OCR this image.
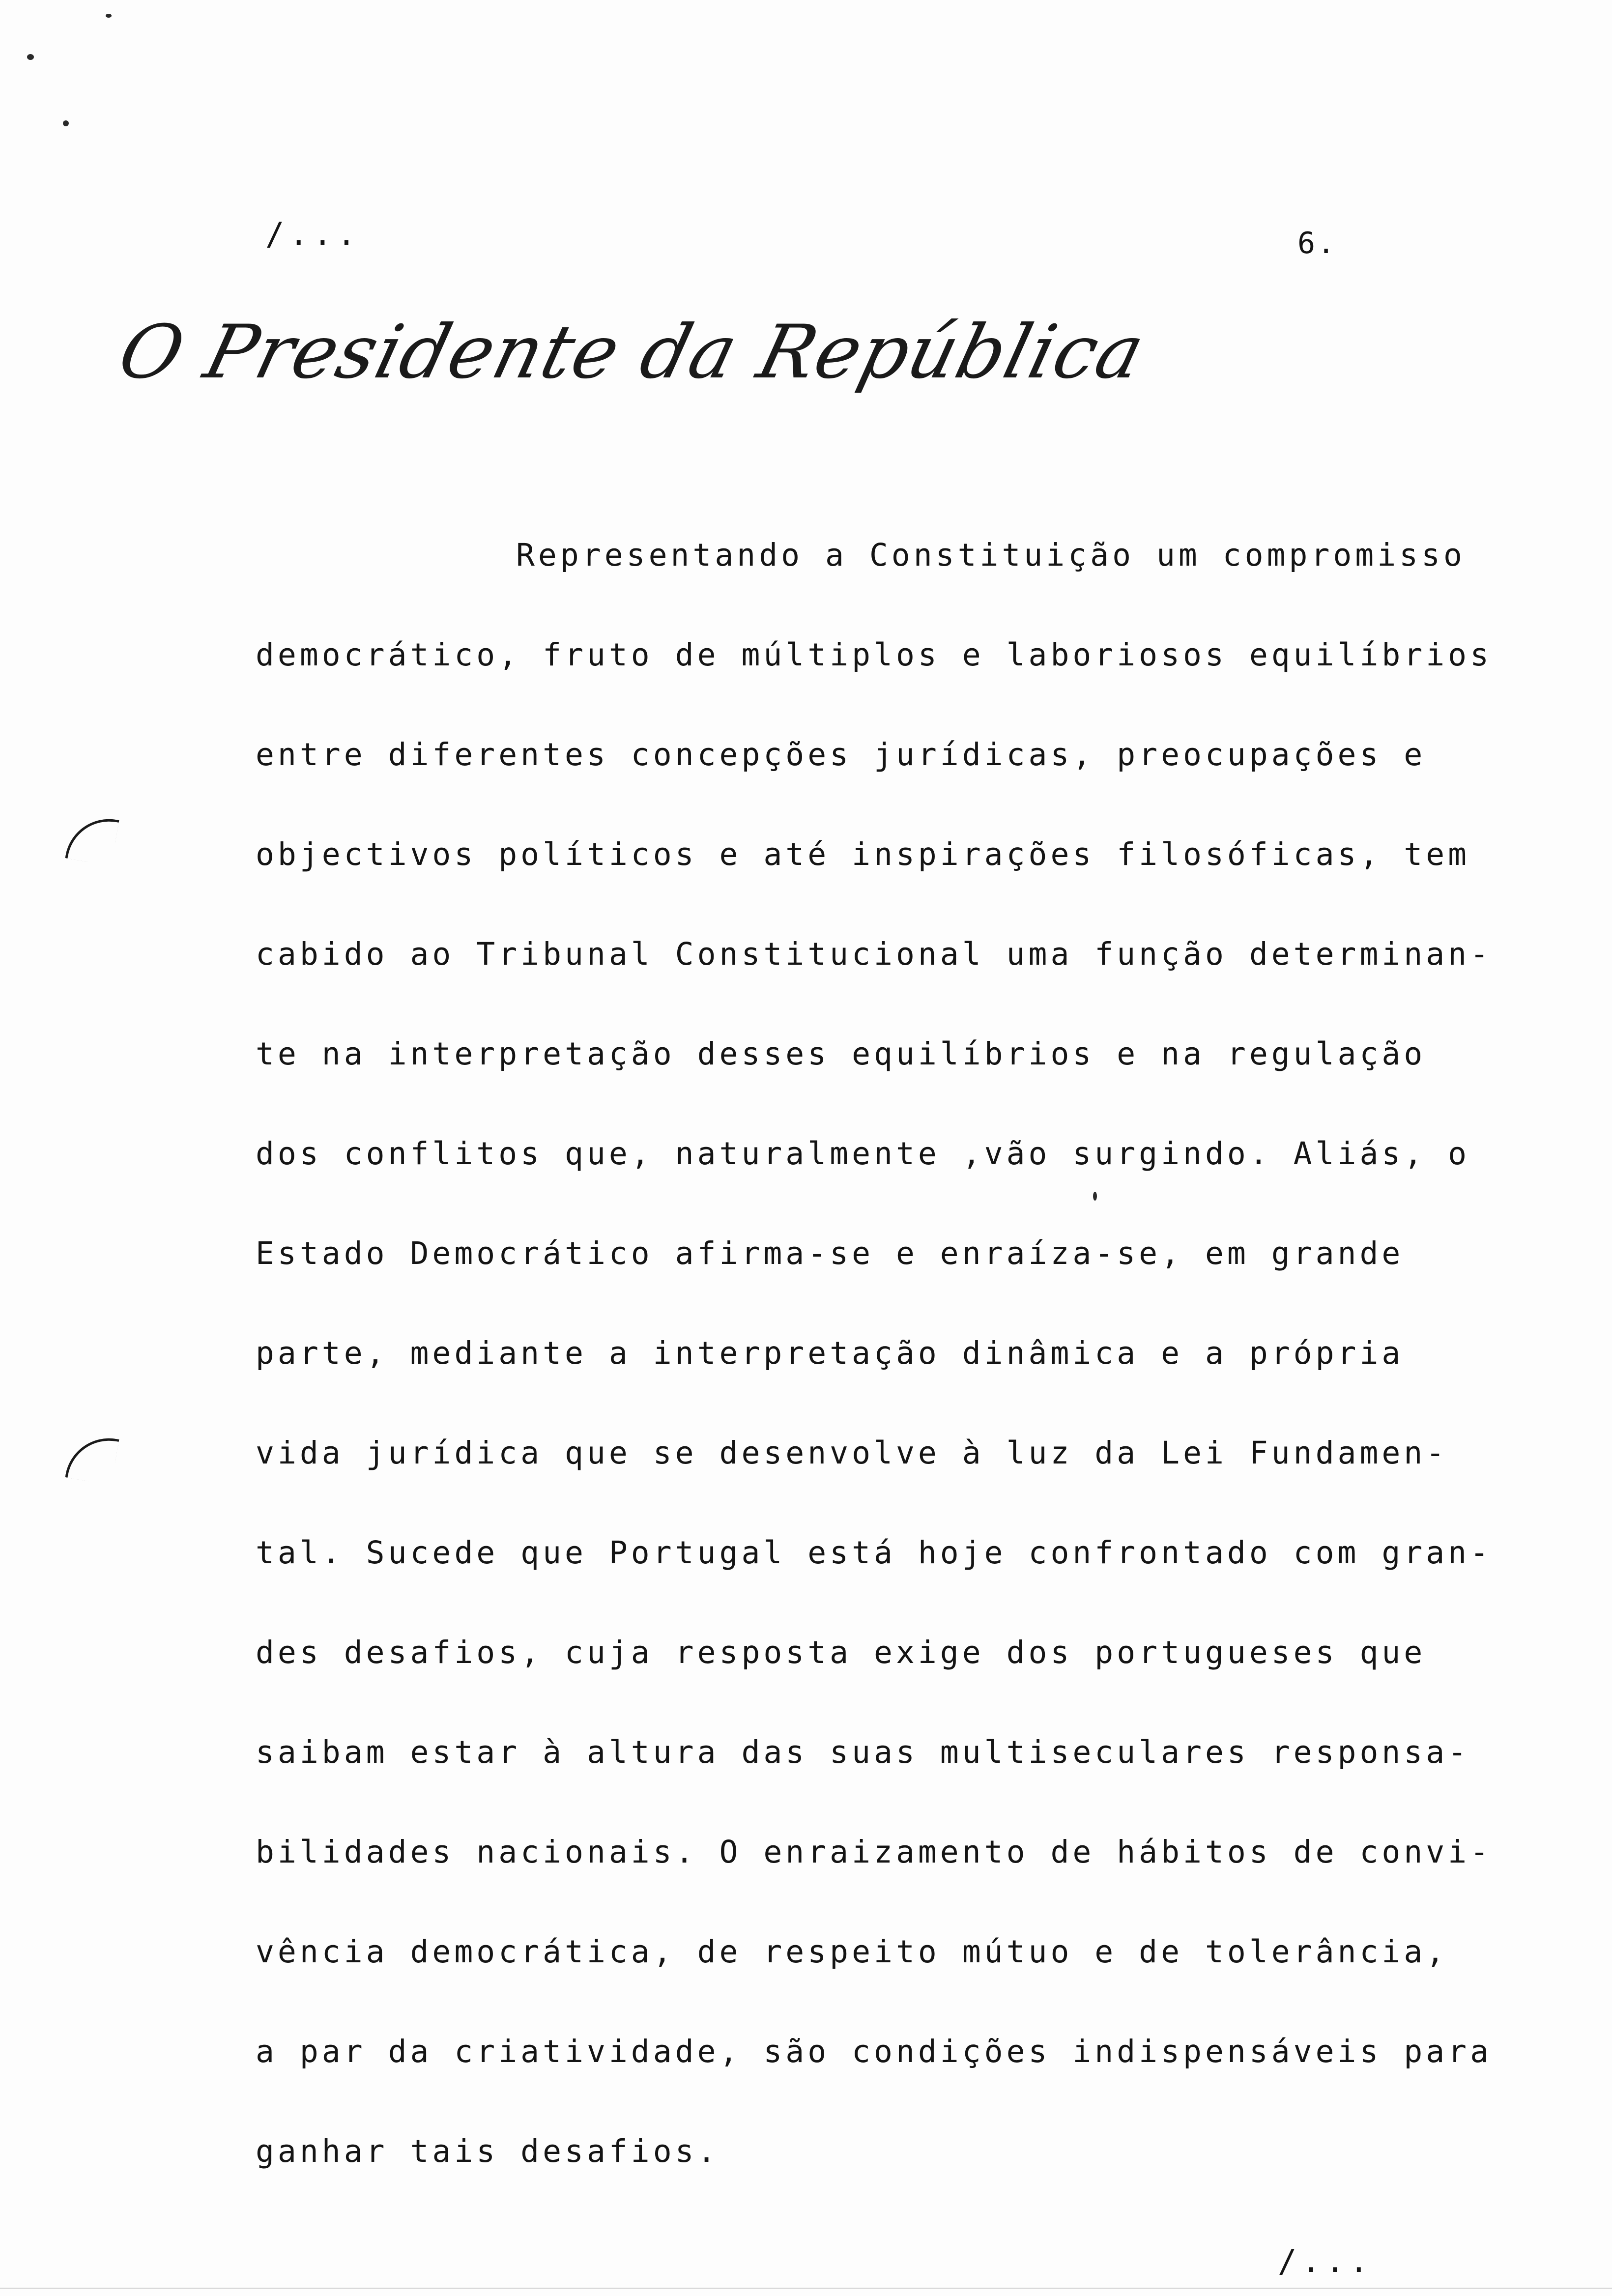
/...	6.
O Presidente da República
Representando a Constituição um compromisso
democrático, fruto de múltiplos e laboriosos equilíbrios
entre diferentes concepções jurídicas, preocupações e
objectivos políticos e até inspirações filosóficas, tem
cabido ao Tribunal Constitucional uma função determinan-
te na interpretação desses equilíbrios e na regulação
dos conflitos que, naturalmente ,vão surgindo. Aliás, o
Estado Democrático afirma-se e enraíza-se, em grande
parte, mediante a interpretação dinâmica e a própria
vida jurídica que se desenvolve à luz da Lei Fundamen-
tal. Sucede que Portugal está hoje confrontado com gran-
des desafios, cuja resposta exige dos portugueses que
saibam estar à altura das suas multiseculares responsa-
bilidades nacionais. O enraizamento de hábitos de convi-
vência democrática, de respeito mútuo e de tolerância,
a par da criatividade, são condições indispensáveis para
ganhar tais desafios.
/...
